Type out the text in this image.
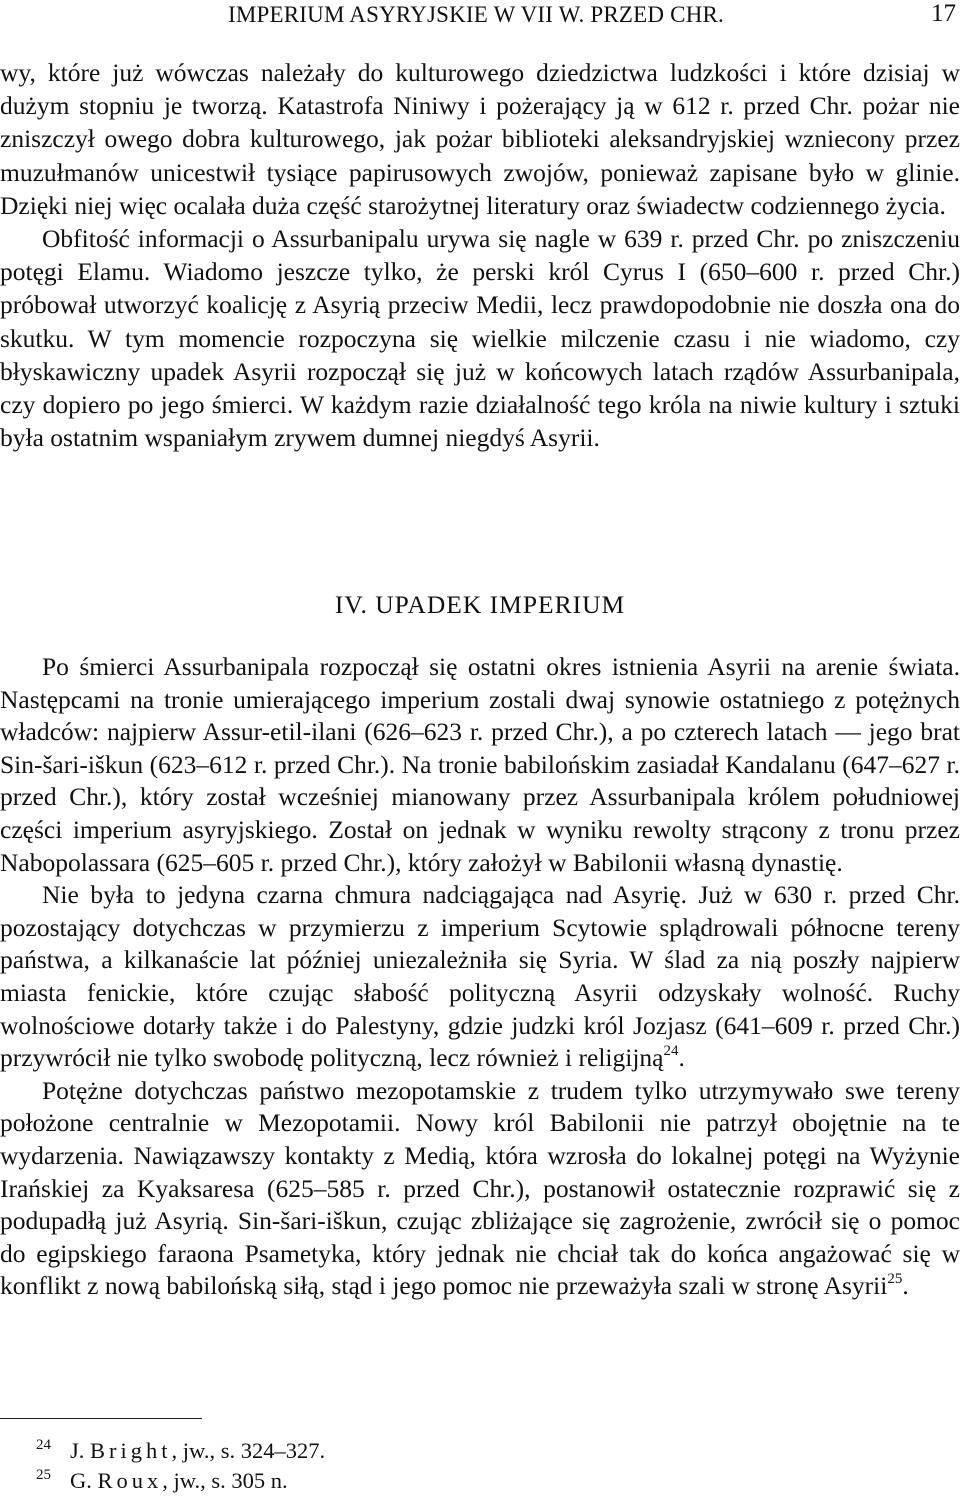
IMPERIUM ASYRYJSKIE W VII W. PRZED CHR.	17

wy, które już wówczas należały do kulturowego dziedzictwa ludzkości i które dzisiaj w dużym stopniu je tworzą. Katastrofa Niniwy i pożerający ją w 612 r. przed Chr. pożar nie zniszczył owego dobra kulturowego, jak pożar biblioteki aleksandryjskiej wzniecony przez muzułmanów unicestwił tysiące papirusowych zwojów, ponieważ zapisane było w glinie. Dzięki niej więc ocalała duża część starożytnej literatury oraz świadectw codziennego życia.

Obfitość informacji o Assurbanipalu urywa się nagle w 639 r. przed Chr. po zniszczeniu potęgi Elamu. Wiadomo jeszcze tylko, że perski król Cyrus I (650–600 r. przed Chr.) próbował utworzyć koalicję z Asyrią przeciw Medii, lecz prawdopodobnie nie doszła ona do skutku. W tym momencie rozpoczyna się wielkie milczenie czasu i nie wiadomo, czy błyskawiczny upadek Asyrii rozpoczął się już w końcowych latach rządów Assurbanipala, czy dopiero po jego śmierci. W każdym razie działalność tego króla na niwie kultury i sztuki była ostatnim wspaniałym zrywem dumnej niegdyś Asyrii.

IV. UPADEK IMPERIUM

Po śmierci Assurbanipala rozpoczął się ostatni okres istnienia Asyrii na arenie świata. Następcami na tronie umierającego imperium zostali dwaj synowie ostatniego z potężnych władców: najpierw Assur-etil-ilani (626–623 r. przed Chr.), a po czterech latach — jego brat Sin-šari-iškun (623–612 r. przed Chr.). Na tronie babilońskim zasiadał Kandalanu (647–627 r. przed Chr.), który został wcześniej mianowany przez Assurbanipala królem południowej części imperium asyryjskiego. Został on jednak w wyniku rewolty strącony z tronu przez Nabopolassara (625–605 r. przed Chr.), który założył w Babilonii własną dynastię.

Nie była to jedyna czarna chmura nadciągająca nad Asyrię. Już w 630 r. przed Chr. pozostający dotychczas w przymierzu z imperium Scytowie splądrowali północne tereny państwa, a kilkanaście lat później uniezależniła się Syria. W ślad za nią poszły najpierw miasta fenickie, które czując słabość polityczną Asyrii odzyskały wolność. Ruchy wolnościowe dotarły także i do Palestyny, gdzie judzki król Jozjasz (641–609 r. przed Chr.) przywrócił nie tylko swobodę polityczną, lecz również i religijną$^{24}$.

Potężne dotychczas państwo mezopotamskie z trudem tylko utrzymywało swe tereny położone centralnie w Mezopotamii. Nowy król Babilonii nie patrzył obojętnie na te wydarzenia. Nawiązawszy kontakty z Medią, która wzrosła do lokalnej potęgi na Wyżynie Irańskiej za Kyaksaresa (625–585 r. przed Chr.), postanowił ostatecznie rozprawić się z podupadłą już Asyrią. Sin-šari-iškun, czując zbliżające się zagrożenie, zwrócił się o pomoc do egipskiego faraona Psametyka, który jednak nie chciał tak do końca angażować się w konflikt z nową babilońską siłą, stąd i jego pomoc nie przeważyła szali w stronę Asyrii$^{25}$.

24 J. Bright, jw., s. 324–327.
25 G. Roux, jw., s. 305 n.
